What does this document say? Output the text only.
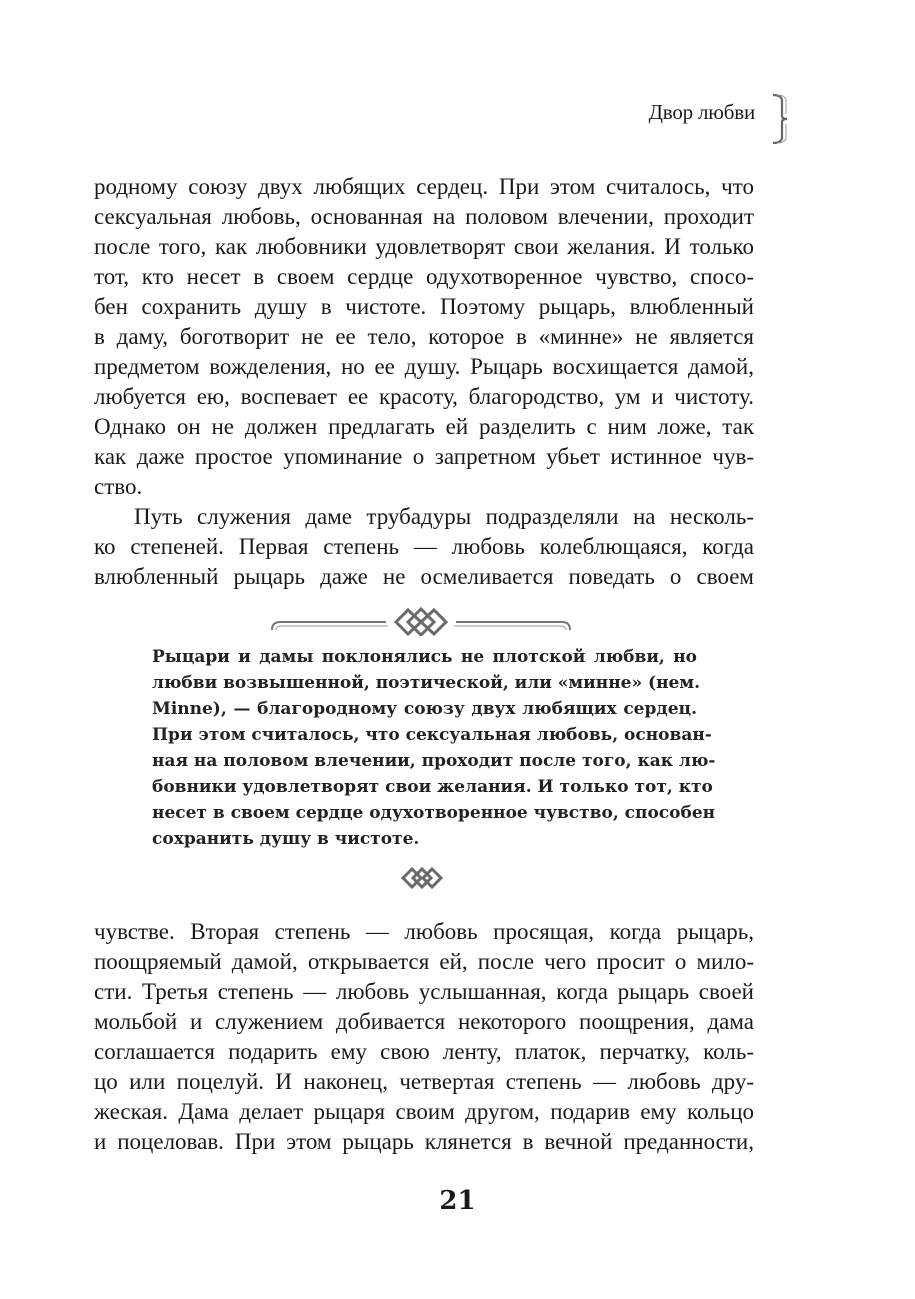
Двор любви
родному союзу двух любящих сердец. При этом считалось, что
сексуальная любовь, основанная на половом влечении, проходит
после того, как любовники удовлетворят свои желания. И только
тот, кто несет в своем сердце одухотворенное чувство, спосо-
бен сохранить душу в чистоте. Поэтому рыцарь, влюбленный
в даму, боготворит не ее тело, которое в «минне» не является
предметом вожделения, но ее душу. Рыцарь восхищается дамой,
любуется ею, воспевает ее красоту, благородство, ум и чистоту.
Однако он не должен предлагать ей разделить с ним ложе, так
как даже простое упоминание о запретном убьет истинное чув-
ство.
Путь служения даме трубадуры подразделяли на несколь-
ко степеней. Первая степень — любовь колеблющаяся, когда
влюбленный рыцарь даже не осмеливается поведать о своем
Рыцари и дамы поклонялись не плотской любви, но
любви возвышенной, поэтической, или «минне» (нем.
Minne), — благородному союзу двух любящих сердец.
При этом считалось, что сексуальная любовь, основан-
ная на половом влечении, проходит после того, как лю-
бовники удовлетворят свои желания. И только тот, кто
несет в своем сердце одухотворенное чувство, способен
сохранить душу в чистоте.
чувстве. Вторая степень — любовь просящая, когда рыцарь,
поощряемый дамой, открывается ей, после чего просит о мило-
сти. Третья степень — любовь услышанная, когда рыцарь своей
мольбой и служением добивается некоторого поощрения, дама
соглашается подарить ему свою ленту, платок, перчатку, коль-
цо или поцелуй. И наконец, четвертая степень — любовь дру-
жеская. Дама делает рыцаря своим другом, подарив ему кольцо
и поцеловав. При этом рыцарь клянется в вечной преданности,
21
